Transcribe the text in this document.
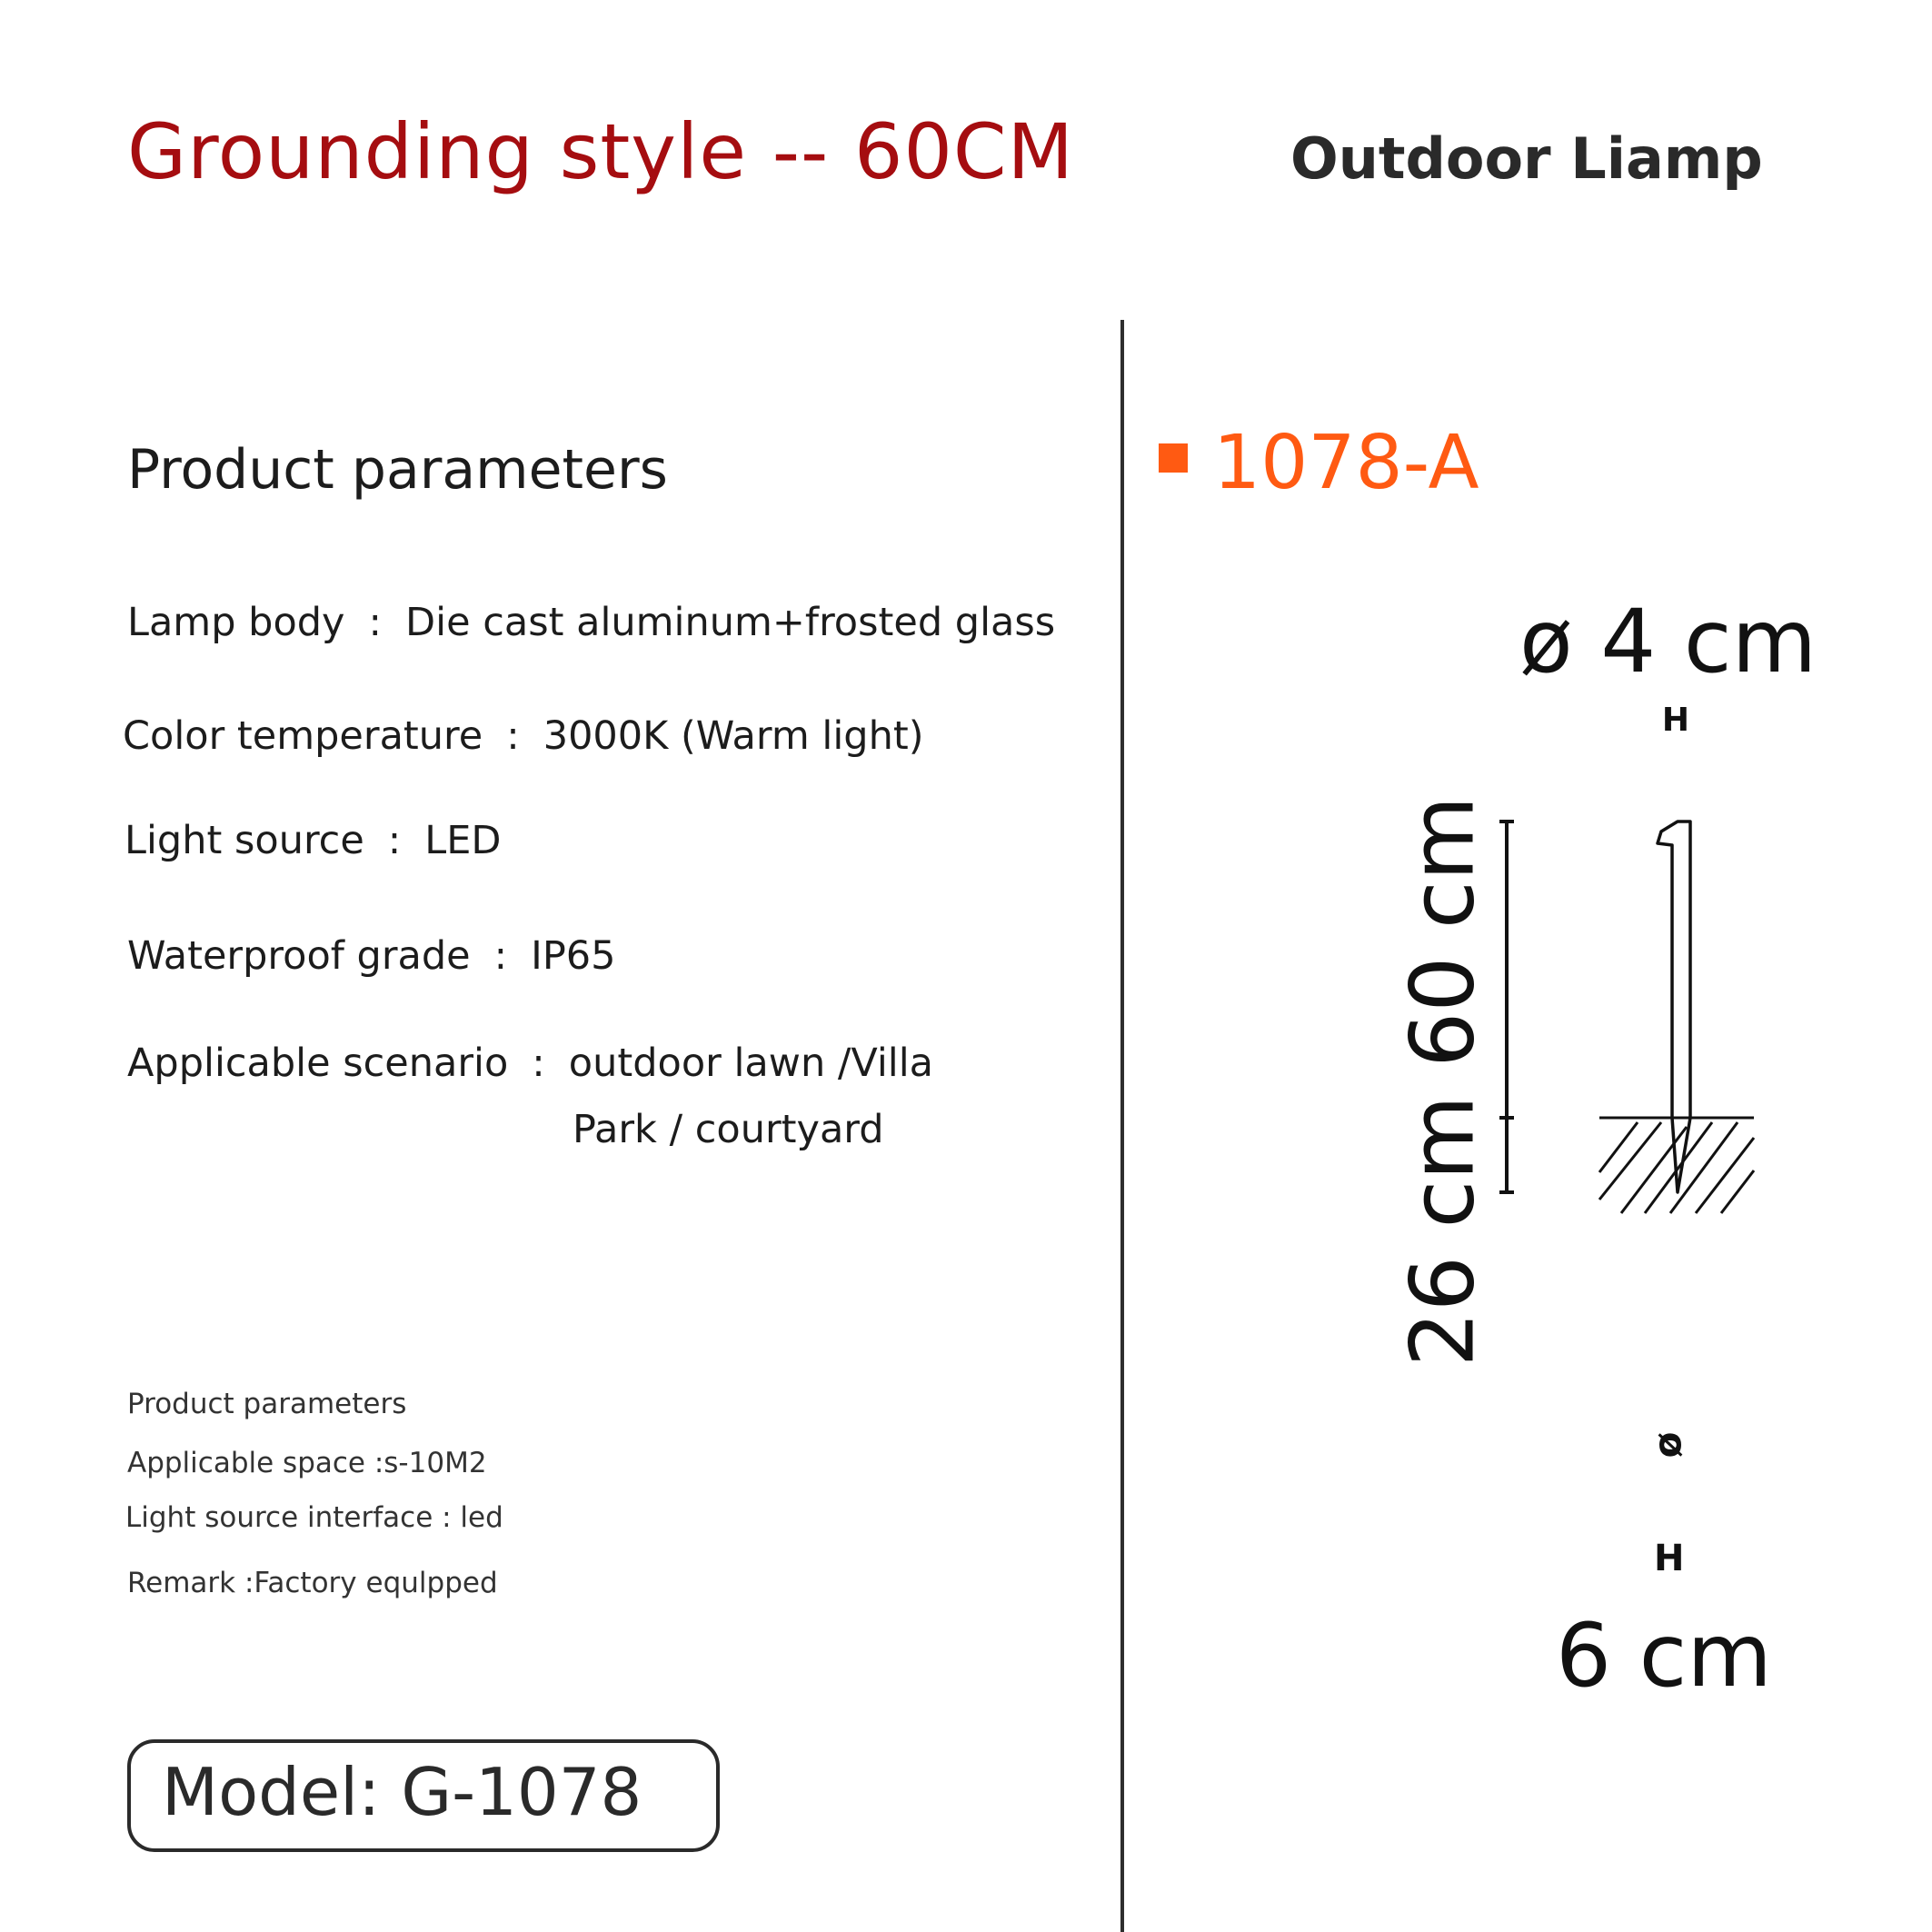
Grounding style -- 60CM	Outdoor Liamp
Product parameters
Lamp body : Die cast aluminum+frosted glass
Color temperature : 3000K (Warm light)
Light source : LED
Waterproof grade : IP65
Applicable scenario : outdoor lawn /Villa
Park / courtyard
Product parameters
Applicable space :s-10M2
Light source interface : led
Remark :Factory equlpped
Model: G-1078
1078-A
ø 4 cm
H
26 cm 60 cm
ø
H
6 cm
